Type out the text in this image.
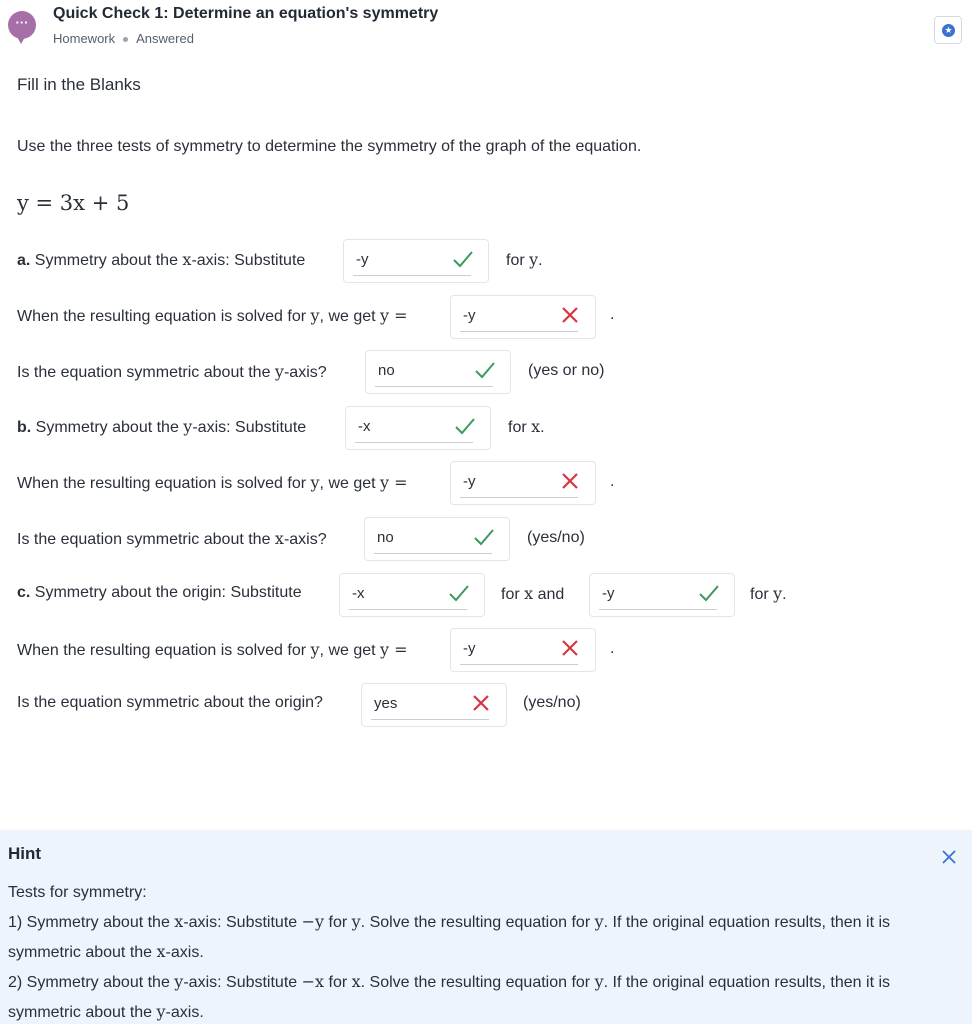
···
Quick Check 1: Determine an equation's symmetry
Homework Answered
★
Fill in the Blanks
Use the three tests of symmetry to determine the symmetry of the graph of the equation.
y = 3x + 5
a. Symmetry about the x-axis: Substitute	-y	for y.
When the resulting equation is solved for y, we get y =	-y	.
Is the equation symmetric about the y-axis?	no	(yes or no)
b. Symmetry about the y-axis: Substitute	-x	for x.
When the resulting equation is solved for y, we get y =	-y	.
Is the equation symmetric about the x-axis?	no	(yes/no)
c. Symmetry about the origin: Substitute	-x	for x and	-y	for y.
When the resulting equation is solved for y, we get y =	-y	.
Is the equation symmetric about the origin?	yes	(yes/no)
Hint

Tests for symmetry:

1) Symmetry about the x-axis: Substitute −y for y. Solve the resulting equation for y. If the original equation results, then it is symmetric about the x-axis.

2) Symmetry about the y-axis: Substitute −x for x. Solve the resulting equation for y. If the original equation results, then it is symmetric about the y-axis.
